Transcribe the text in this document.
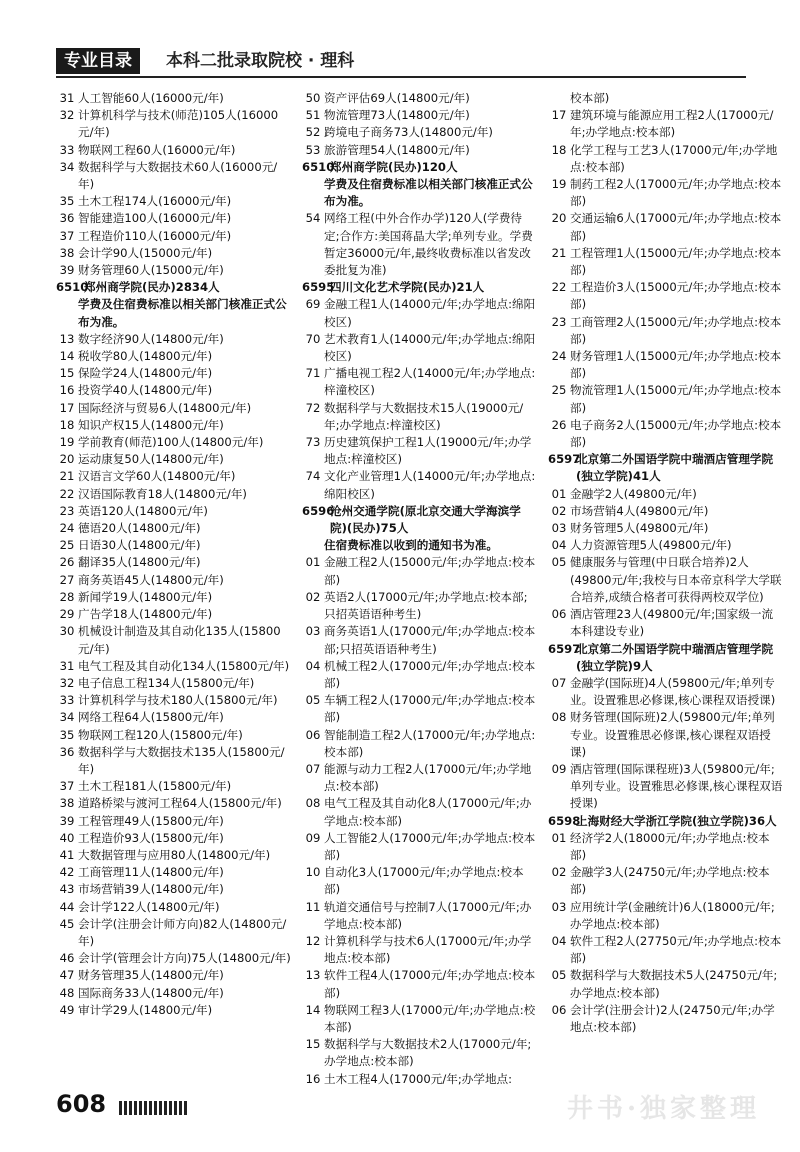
专业目录	本科二批录取院校 · 理科
31 人工智能60人(16000元/年)
32 计算机科学与技术(师范)105人(16000元/年)
33 物联网工程60人(16000元/年)
34 数据科学与大数据技术60人(16000元/年)
35 土木工程174人(16000元/年)
36 智能建造100人(16000元/年)
37 工程造价110人(16000元/年)
38 会计学90人(15000元/年)
39 财务管理60人(15000元/年)
6510
郑州商学院(民办)2834人
学费及住宿费标准以相关部门核准正式公布为准。
13 数字经济90人(14800元/年)
14 税收学80人(14800元/年)
15 保险学24人(14800元/年)
16 投资学40人(14800元/年)
17 国际经济与贸易6人(14800元/年)
18 知识产权15人(14800元/年)
19 学前教育(师范)100人(14800元/年)
20 运动康复50人(14800元/年)
21 汉语言文学60人(14800元/年)
22 汉语国际教育18人(14800元/年)
23 英语120人(14800元/年)
24 德语20人(14800元/年)
25 日语30人(14800元/年)
26 翻译35人(14800元/年)
27 商务英语45人(14800元/年)
28 新闻学19人(14800元/年)
29 广告学18人(14800元/年)
30 机械设计制造及其自动化135人(15800元/年)
31 电气工程及其自动化134人(15800元/年)
32 电子信息工程134人(15800元/年)
33 计算机科学与技术180人(15800元/年)
34 网络工程64人(15800元/年)
35 物联网工程120人(15800元/年)
36 数据科学与大数据技术135人(15800元/年)
37 土木工程181人(15800元/年)
38 道路桥梁与渡河工程64人(15800元/年)
39 工程管理49人(15800元/年)
40 工程造价93人(15800元/年)
41 大数据管理与应用80人(14800元/年)
42 工商管理11人(14800元/年)
43 市场营销39人(14800元/年)
44 会计学122人(14800元/年)
45 会计学(注册会计师方向)82人(14800元/年)
46 会计学(管理会计方向)75人(14800元/年)
47 财务管理35人(14800元/年)
48 国际商务33人(14800元/年)
49 审计学29人(14800元/年)
50 资产评估69人(14800元/年)
51 物流管理73人(14800元/年)
52 跨境电子商务73人(14800元/年)
53 旅游管理54人(14800元/年)
6510
郑州商学院(民办)120人
学费及住宿费标准以相关部门核准正式公布为准。
54 网络工程(中外合作办学)120人(学费待定;合作方:美国蒋晶大学;单列专业。学费暂定36000元/年,最终收费标准以省发改委批复为准)
6595
四川文化艺术学院(民办)21人
69 金融工程1人(14000元/年;办学地点:绵阳校区)
70 艺术教育1人(14000元/年;办学地点:绵阳校区)
71 广播电视工程2人(14000元/年;办学地点:梓潼校区)
72 数据科学与大数据技术15人(19000元/年;办学地点:梓潼校区)
73 历史建筑保护工程1人(19000元/年;办学地点:梓潼校区)
74 文化产业管理1人(14000元/年;办学地点:绵阳校区)
6596
沧州交通学院(原北京交通大学海滨学院)(民办)75人
住宿费标准以收到的通知书为准。
01 金融工程2人(15000元/年;办学地点:校本部)
02 英语2人(17000元/年;办学地点:校本部;只招英语语种考生)
03 商务英语1人(17000元/年;办学地点:校本部;只招英语语种考生)
04 机械工程2人(17000元/年;办学地点:校本部)
05 车辆工程2人(17000元/年;办学地点:校本部)
06 智能制造工程2人(17000元/年;办学地点:校本部)
07 能源与动力工程2人(17000元/年;办学地点:校本部)
08 电气工程及其自动化8人(17000元/年;办学地点:校本部)
09 人工智能2人(17000元/年;办学地点:校本部)
10 自动化3人(17000元/年;办学地点:校本部)
11 轨道交通信号与控制7人(17000元/年;办学地点:校本部)
12 计算机科学与技术6人(17000元/年;办学地点:校本部)
13 软件工程4人(17000元/年;办学地点:校本部)
14 物联网工程3人(17000元/年;办学地点:校本部)
15 数据科学与大数据技术2人(17000元/年;办学地点:校本部)
16 土木工程4人(17000元/年;办学地点:
校本部)
17 建筑环境与能源应用工程2人(17000元/年;办学地点:校本部)
18 化学工程与工艺3人(17000元/年;办学地点:校本部)
19 制药工程2人(17000元/年;办学地点:校本部)
20 交通运输6人(17000元/年;办学地点:校本部)
21 工程管理1人(15000元/年;办学地点:校本部)
22 工程造价3人(15000元/年;办学地点:校本部)
23 工商管理2人(15000元/年;办学地点:校本部)
24 财务管理1人(15000元/年;办学地点:校本部)
25 物流管理1人(15000元/年;办学地点:校本部)
26 电子商务2人(15000元/年;办学地点:校本部)
6597
北京第二外国语学院中瑞酒店管理学院(独立学院)41人
01 金融学2人(49800元/年)
02 市场营销4人(49800元/年)
03 财务管理5人(49800元/年)
04 人力资源管理5人(49800元/年)
05 健康服务与管理(中日联合培养)2人(49800元/年;我校与日本帝京科学大学联合培养,成绩合格者可获得两校双学位)
06 酒店管理23人(49800元/年;国家级一流本科建设专业)
6597
北京第二外国语学院中瑞酒店管理学院(独立学院)9人
07 金融学(国际班)4人(59800元/年;单列专业。设置雅思必修课,核心课程双语授课)
08 财务管理(国际班)2人(59800元/年;单列专业。设置雅思必修课,核心课程双语授课)
09 酒店管理(国际课程班)3人(59800元/年;单列专业。设置雅思必修课,核心课程双语授课)
6598
上海财经大学浙江学院(独立学院)36人
01 经济学2人(18000元/年;办学地点:校本部)
02 金融学3人(24750元/年;办学地点:校本部)
03 应用统计学(金融统计)6人(18000元/年;办学地点:校本部)
04 软件工程2人(27750元/年;办学地点:校本部)
05 数据科学与大数据技术5人(24750元/年;办学地点:校本部)
06 会计学(注册会计)2人(24750元/年;办学地点:校本部)
608	井书·独家整理
